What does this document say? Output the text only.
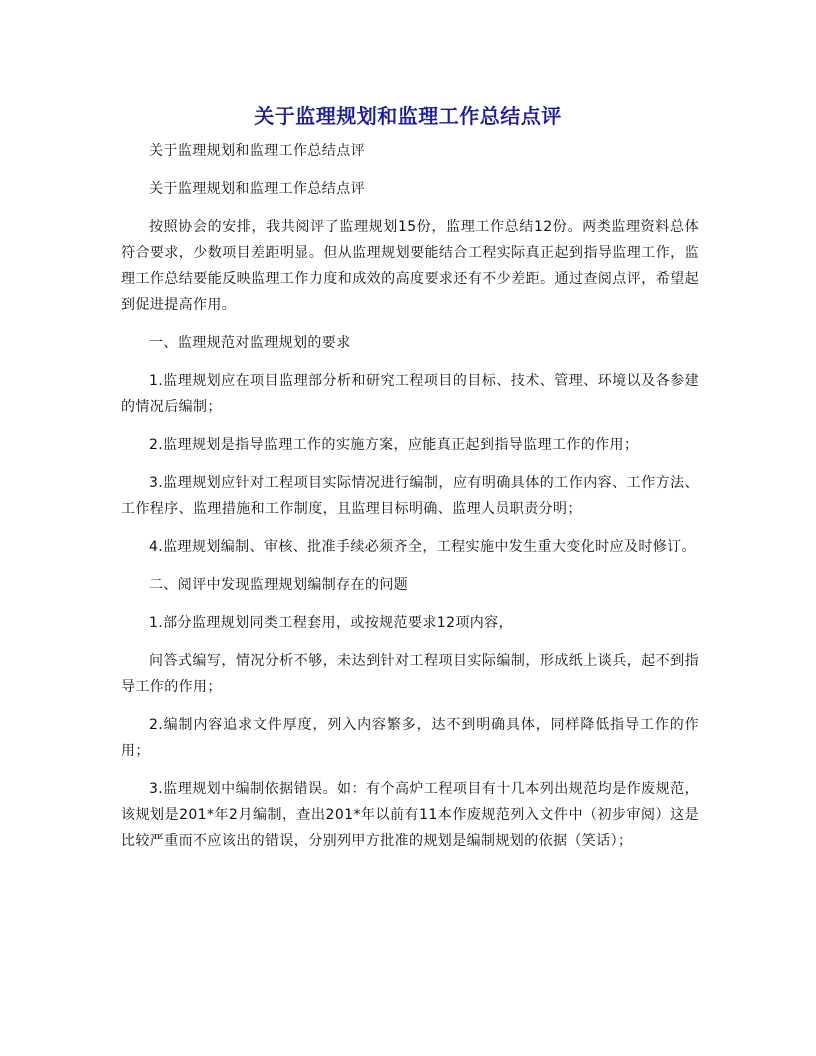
关于监理规划和监理工作总结点评

关于监理规划和监理工作总结点评

关于监理规划和监理工作总结点评

按照协会的安排，我共阅评了监理规划15份，监理工作总结12份。两类监理资料总体符合要求，少数项目差距明显。但从监理规划要能结合工程实际真正起到指导监理工作，监理工作总结要能反映监理工作力度和成效的高度要求还有不少差距。通过查阅点评，希望起到促进提高作用。

一、监理规范对监理规划的要求

1.监理规划应在项目监理部分析和研究工程项目的目标、技术、管理、环境以及各参建的情况后编制；

2.监理规划是指导监理工作的实施方案，应能真正起到指导监理工作的作用；

3.监理规划应针对工程项目实际情况进行编制，应有明确具体的工作内容、工作方法、工作程序、监理措施和工作制度，且监理目标明确、监理人员职责分明；

4.监理规划编制、审核、批准手续必须齐全，工程实施中发生重大变化时应及时修订。

二、阅评中发现监理规划编制存在的问题

1.部分监理规划同类工程套用，或按规范要求12项内容，

问答式编写，情况分析不够，未达到针对工程项目实际编制，形成纸上谈兵，起不到指导工作的作用；

2.编制内容追求文件厚度，列入内容繁多，达不到明确具体，同样降低指导工作的作用；

3.监理规划中编制依据错误。如：有个高炉工程项目有十几本列出规范均是作废规范，该规划是201*年2月编制，查出201*年以前有11本作废规范列入文件中（初步审阅）这是比较严重而不应该出的错误，分别列甲方批准的规划是编制规划的依据（笑话）；
